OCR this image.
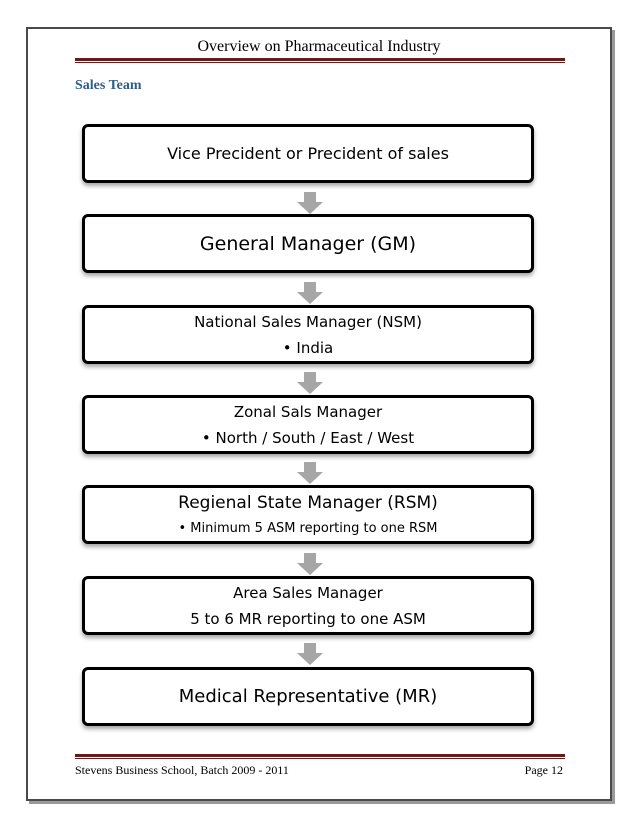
Overview on Pharmaceutical Industry
Sales Team
Vice Precident or Precident of sales
General Manager (GM)
National Sales Manager (NSM)
• India
Zonal Sals Manager
• North / South / East / West
Regienal State Manager (RSM)
• Minimum 5 ASM reporting to one RSM
Area Sales Manager
5 to 6 MR reporting to one ASM
Medical Representative (MR)
Stevens Business School, Batch 2009 - 2011	Page 12
